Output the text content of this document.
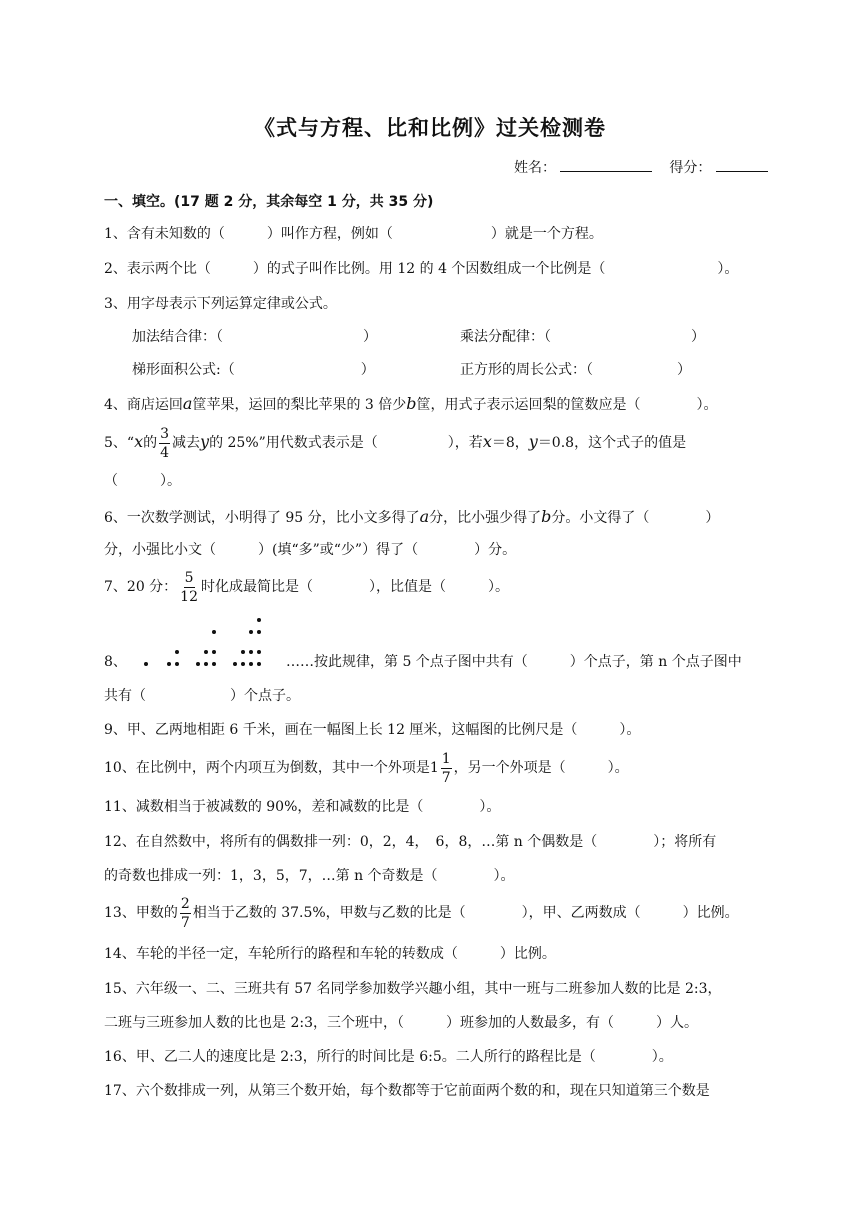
《式与方程、比和比例》过关检测卷
姓名：	得分：
一、填空。(17 题 2 分，其余每空 1 分，共 35 分)
1、含有未知数的（　　　）叫作方程，例如（　　　　　　　）就是一个方程。
2、表示两个比（　　　）的式子叫作比例。用 12 的 4 个因数组成一个比例是（　　　　　　　　）。
3、用字母表示下列运算定律或公式。
加法结合律：（　　　　　　　　　　）	乘法分配律：（　　　　　　　　　　）
梯形面积公式:（　　　　　　　　　）	正方形的周长公式：（　　　　　　）
4、商店运回a筐苹果，运回的梨比苹果的 3 倍少b筐，用式子表示运回梨的筐数应是（　　　　）。
5、“x的 $\frac{3}{4}$ 减去y的 25%”用代数式表示是（　　　　　），若x＝8，y＝0.8，这个式子的值是
（　　　）。
6、一次数学测试，小明得了 95 分，比小文多得了a分，比小强少得了b分。小文得了（　　　　）
分，小强比小文（　　　）(填“多”或“少”）得了（　　　　）分。
7、20 分： $\frac{5}{12}$ 时化成最简比是（　　　　），比值是（　　　）。
8、	……按此规律，第 5 个点子图中共有（　　　）个点子，第 n 个点子图中
共有（　　　　　　）个点子。
9、甲、乙两地相距 6 千米，画在一幅图上长 12 厘米，这幅图的比例尺是（　　　）。
10、在比例中，两个内项互为倒数，其中一个外项是$1 \frac{1}{7}$ ，另一个外项是（　　　）。
11、减数相当于被减数的 90%，差和减数的比是（　　　　）。
12、在自然数中，将所有的偶数排一列：0，2，4，　6，8，…第 n 个偶数是（　　　　）；将所有
的奇数也排成一列：1，3，5，7，…第 n 个奇数是（　　　　）。
13、甲数的 $\frac{2}{7}$ 相当于乙数的 37.5%，甲数与乙数的比是（　　　　），甲、乙两数成（　　　）比例。
14、车轮的半径一定，车轮所行的路程和车轮的转数成（　　　）比例。
15、六年级一、二、三班共有 57 名同学参加数学兴趣小组，其中一班与二班参加人数的比是 2:3，
二班与三班参加人数的比也是 2:3，三个班中，（　　　）班参加的人数最多，有（　　　）人。
16、甲、乙二人的速度比是 2:3，所行的时间比是 6:5。二人所行的路程比是（　　　　）。
17、六个数排成一列，从第三个数开始，每个数都等于它前面两个数的和，现在只知道第三个数是
